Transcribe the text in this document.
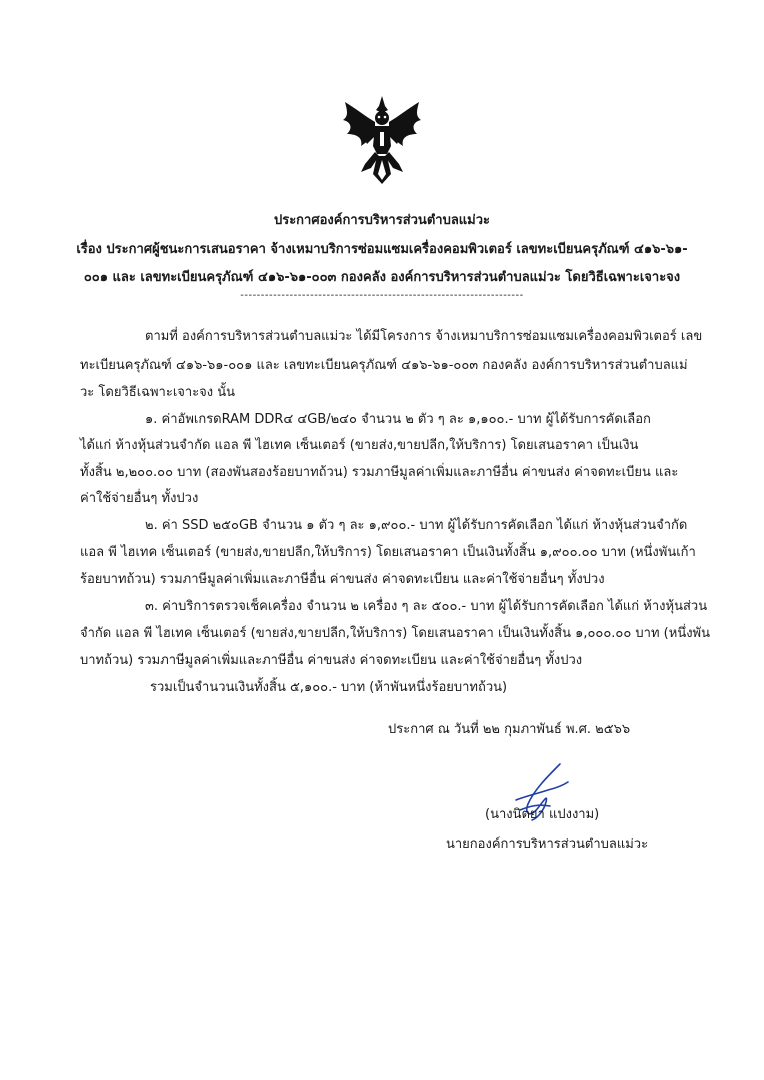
ประกาศองค์การบริหารส่วนตำบลแม่วะ
เรื่อง ประกาศผู้ชนะการเสนอราคา จ้างเหมาบริการซ่อมแซมเครื่องคอมพิวเตอร์ เลขทะเบียนครุภัณฑ์ ๔๑๖-๖๑-
๐๐๑ และ เลขทะเบียนครุภัณฑ์ ๔๑๖-๖๑-๐๐๓ กองคลัง องค์การบริหารส่วนตำบลแม่วะ โดยวิธีเฉพาะเจาะจง
---------------------------------------------------------------------
ตามที่ องค์การบริหารส่วนตำบลแม่วะ ได้มีโครงการ จ้างเหมาบริการซ่อมแซมเครื่องคอมพิวเตอร์ เลข
ทะเบียนครุภัณฑ์ ๔๑๖-๖๑-๐๐๑ และ เลขทะเบียนครุภัณฑ์ ๔๑๖-๖๑-๐๐๓ กองคลัง องค์การบริหารส่วนตำบลแม่
วะ โดยวิธีเฉพาะเจาะจง นั้น
๑. ค่าอัพเกรดRAM DDR๔ ๔GB/๒๔๐ จำนวน ๒ ตัว ๆ ละ ๑,๑๐๐.- บาท ผู้ได้รับการคัดเลือก
ได้แก่ ห้างหุ้นส่วนจำกัด แอล พี ไฮเทค เซ็นเตอร์ (ขายส่ง,ขายปลีก,ให้บริการ) โดยเสนอราคา เป็นเงิน
ทั้งสิ้น ๒,๒๐๐.๐๐ บาท (สองพันสองร้อยบาทถ้วน) รวมภาษีมูลค่าเพิ่มและภาษีอื่น ค่าขนส่ง ค่าจดทะเบียน และ
ค่าใช้จ่ายอื่นๆ ทั้งปวง
๒. ค่า SSD ๒๕๐GB จำนวน ๑ ตัว ๆ ละ ๑,๙๐๐.- บาท ผู้ได้รับการคัดเลือก ได้แก่ ห้างหุ้นส่วนจำกัด
แอล พี ไฮเทค เซ็นเตอร์ (ขายส่ง,ขายปลีก,ให้บริการ) โดยเสนอราคา เป็นเงินทั้งสิ้น ๑,๙๐๐.๐๐ บาท (หนึ่งพันเก้า
ร้อยบาทถ้วน) รวมภาษีมูลค่าเพิ่มและภาษีอื่น ค่าขนส่ง ค่าจดทะเบียน และค่าใช้จ่ายอื่นๆ ทั้งปวง
๓. ค่าบริการตรวจเช็คเครื่อง จำนวน ๒ เครื่อง ๆ ละ ๕๐๐.- บาท ผู้ได้รับการคัดเลือก ได้แก่ ห้างหุ้นส่วน
จำกัด แอล พี ไฮเทค เซ็นเตอร์ (ขายส่ง,ขายปลีก,ให้บริการ) โดยเสนอราคา เป็นเงินทั้งสิ้น ๑,๐๐๐.๐๐ บาท (หนึ่งพัน
บาทถ้วน) รวมภาษีมูลค่าเพิ่มและภาษีอื่น ค่าขนส่ง ค่าจดทะเบียน และค่าใช้จ่ายอื่นๆ ทั้งปวง
รวมเป็นจำนวนเงินทั้งสิ้น ๕,๑๐๐.- บาท (ห้าพันหนึ่งร้อยบาทถ้วน)
ประกาศ ณ วันที่ ๒๒ กุมภาพันธ์ พ.ศ. ๒๕๖๖
(นางนิตยา แปงงาม)
นายกองค์การบริหารส่วนตำบลแม่วะ
